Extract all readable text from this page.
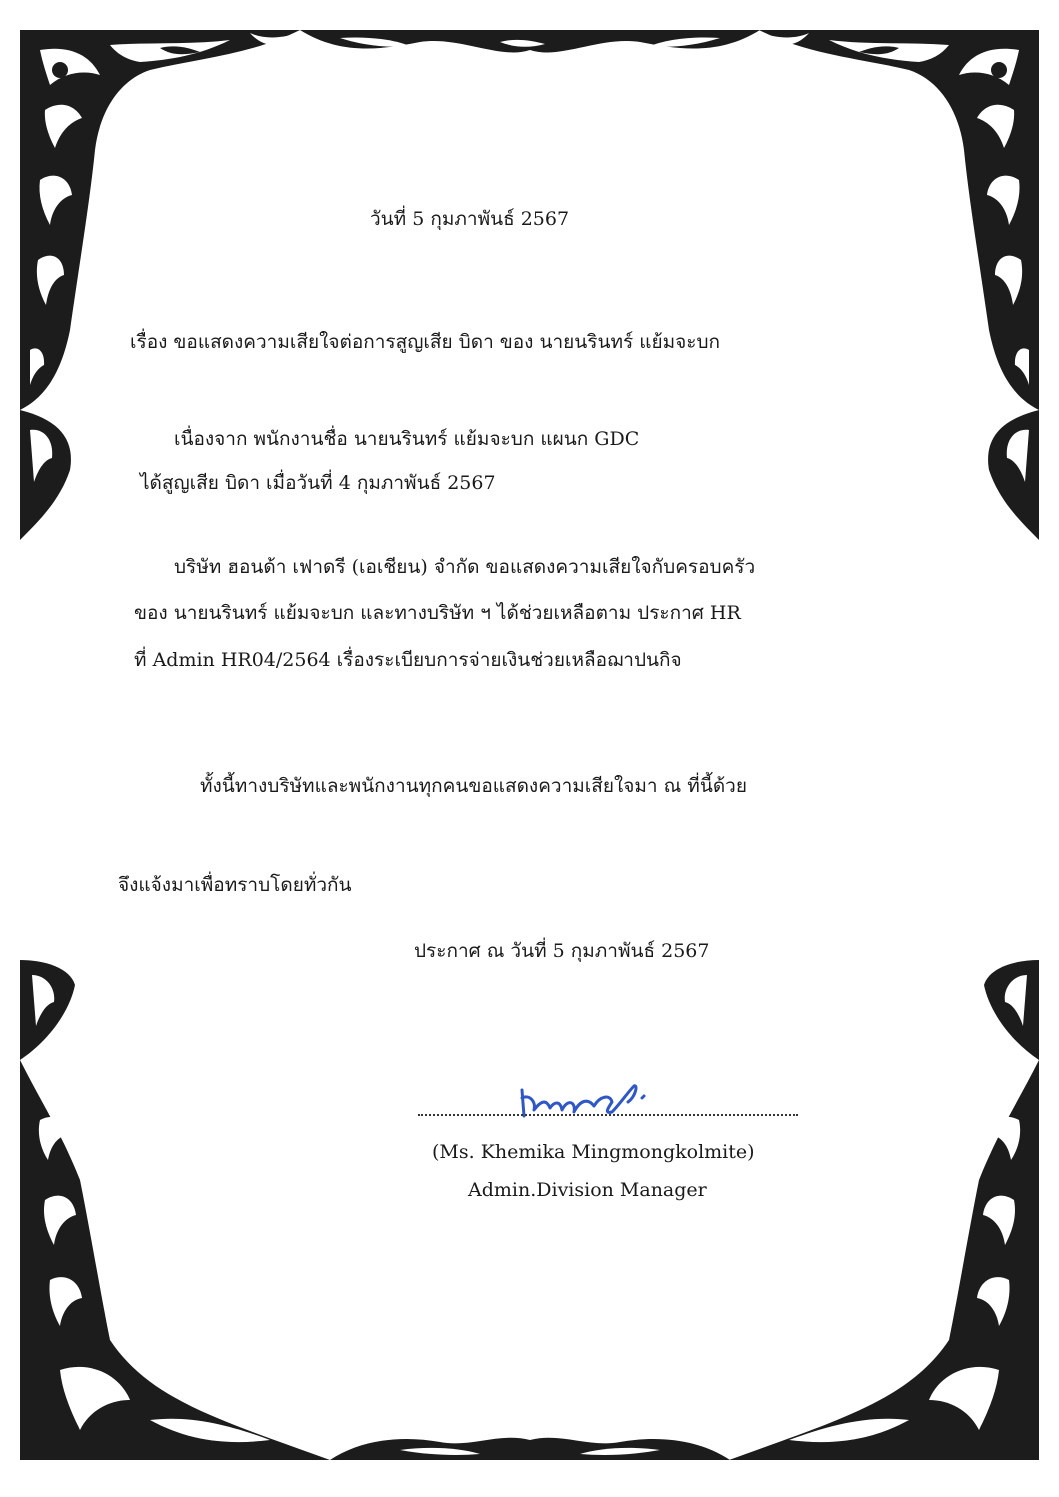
วันที่ 5 กุมภาพันธ์ 2567
เรื่อง ขอแสดงความเสียใจต่อการสูญเสีย บิดา ของ นายนรินทร์ แย้มจะบก
เนื่องจาก พนักงานชื่อ นายนรินทร์ แย้มจะบก แผนก GDC
ได้สูญเสีย บิดา เมื่อวันที่ 4 กุมภาพันธ์ 2567
บริษัท ฮอนด้า เฟาดรี (เอเชียน) จำกัด ขอแสดงความเสียใจกับครอบครัว
ของ นายนรินทร์ แย้มจะบก และทางบริษัท ฯ ได้ช่วยเหลือตาม ประกาศ HR
ที่ Admin HR04/2564 เรื่องระเบียบการจ่ายเงินช่วยเหลือฌาปนกิจ
ทั้งนี้ทางบริษัทและพนักงานทุกคนขอแสดงความเสียใจมา ณ ที่นี้ด้วย
จึงแจ้งมาเพื่อทราบโดยทั่วกัน
ประกาศ ณ วันที่ 5 กุมภาพันธ์ 2567
(Ms. Khemika Mingmongkolmite)
Admin.Division Manager
